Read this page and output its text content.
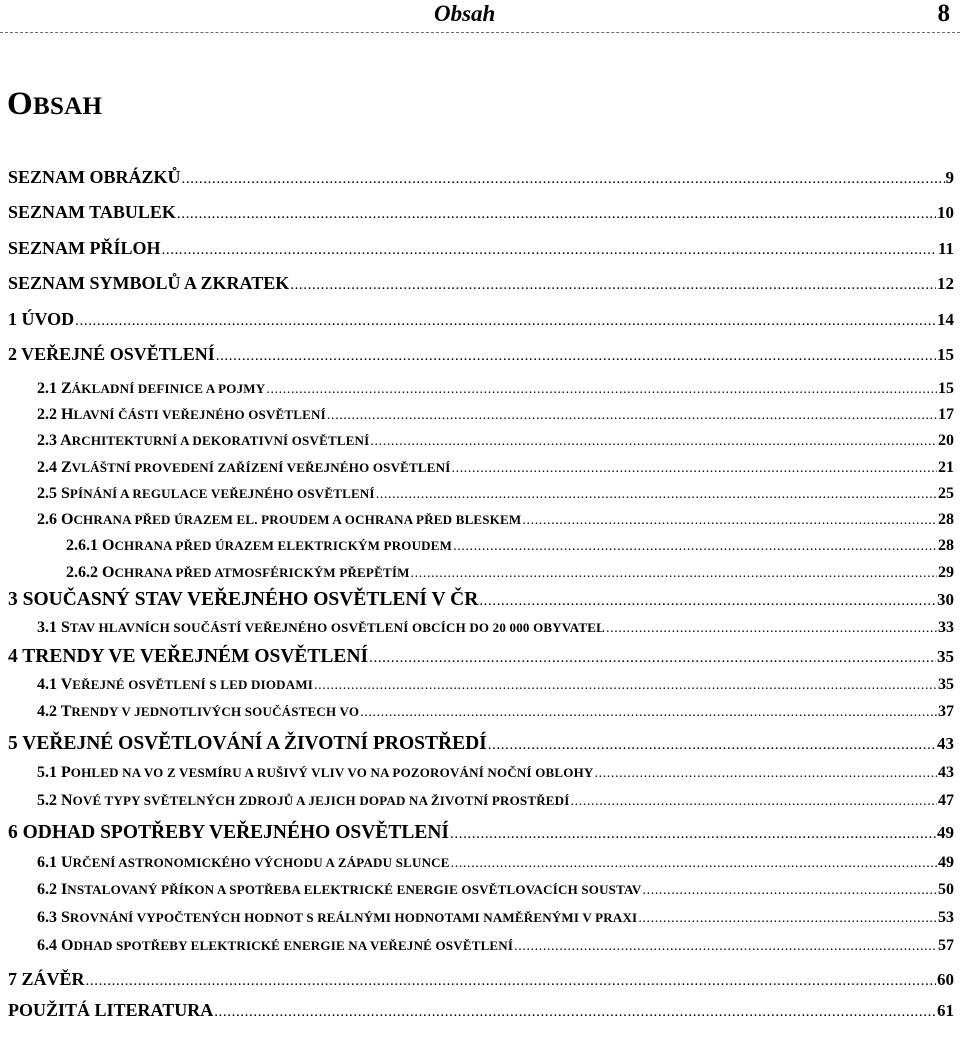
Obsah	8
OBSAH
SEZNAM OBRÁZKŮ .....	9
SEZNAM TABULEK .....	10
SEZNAM PŘÍLOH .....	11
SEZNAM SYMBOLŮ A ZKRATEK .....	12
1 ÚVOD .....	14
2 VEŘEJNÉ OSVĚTLENÍ .....	15
2.1 ZÁKLADNÍ DEFINICE A POJMY .....	15
2.2 HLAVNÍ ČÁSTI VEŘEJNÉHO OSVĚTLENÍ .....	17
2.3 ARCHITEKTURNÍ A DEKORATIVNÍ OSVĚTLENÍ .....	20
2.4 ZVLÁŠTNÍ PROVEDENÍ ZAŘÍZENÍ VEŘEJNÉHO OSVĚTLENÍ .....	21
2.5 SPÍNÁNÍ A REGULACE VEŘEJNÉHO OSVĚTLENÍ .....	25
2.6 OCHRANA PŘED ÚRAZEM EL. PROUDEM A OCHRANA PŘED BLESKEM .....	28
2.6.1 OCHRANA PŘED ÚRAZEM ELEKTRICKÝM PROUDEM .....	28
2.6.2 OCHRANA PŘED ATMOSFÉRICKÝM PŘEPĚTÍM .....	29
3 SOUČASNÝ STAV VEŘEJNÉHO OSVĚTLENÍ V ČR .....	30
3.1 STAV HLAVNÍCH SOUČÁSTÍ VEŘEJNÉHO OSVĚTLENÍ OBCÍCH DO 20 000 OBYVATEL .....	33
4 TRENDY VE VEŘEJNÉM OSVĚTLENÍ .....	35
4.1 VEŘEJNÉ OSVĚTLENÍ S LED DIODAMI .....	35
4.2 TRENDY V JEDNOTLIVÝCH SOUČÁSTECH VO .....	37
5 VEŘEJNÉ OSVĚTLOVÁNÍ A ŽIVOTNÍ PROSTŘEDÍ .....	43
5.1 POHLED NA VO Z VESMÍRU A RUŠIVÝ VLIV VO NA POZOROVÁNÍ NOČNÍ OBLOHY .....	43
5.2 NOVÉ TYPY SVĚTELNÝCH ZDROJŮ A JEJICH DOPAD NA ŽIVOTNÍ PROSTŘEDÍ .....	47
6 ODHAD SPOTŘEBY VEŘEJNÉHO OSVĚTLENÍ .....	49
6.1 URČENÍ ASTRONOMICKÉHO VÝCHODU A ZÁPADU SLUNCE .....	49
6.2 INSTALOVANÝ PŘÍKON A SPOTŘEBA ELEKTRICKÉ ENERGIE OSVĚTLOVACÍCH SOUSTAV .....	50
6.3 SROVNÁNÍ VYPOČTENÝCH HODNOT S REÁLNÝMI HODNOTAMI NAMĚŘENÝMI V PRAXI .....	53
6.4 ODHAD SPOTŘEBY ELEKTRICKÉ ENERGIE NA VEŘEJNÉ OSVĚTLENÍ .....	57
7 ZÁVĚR .....	60
POUŽITÁ LITERATURA .....	61
